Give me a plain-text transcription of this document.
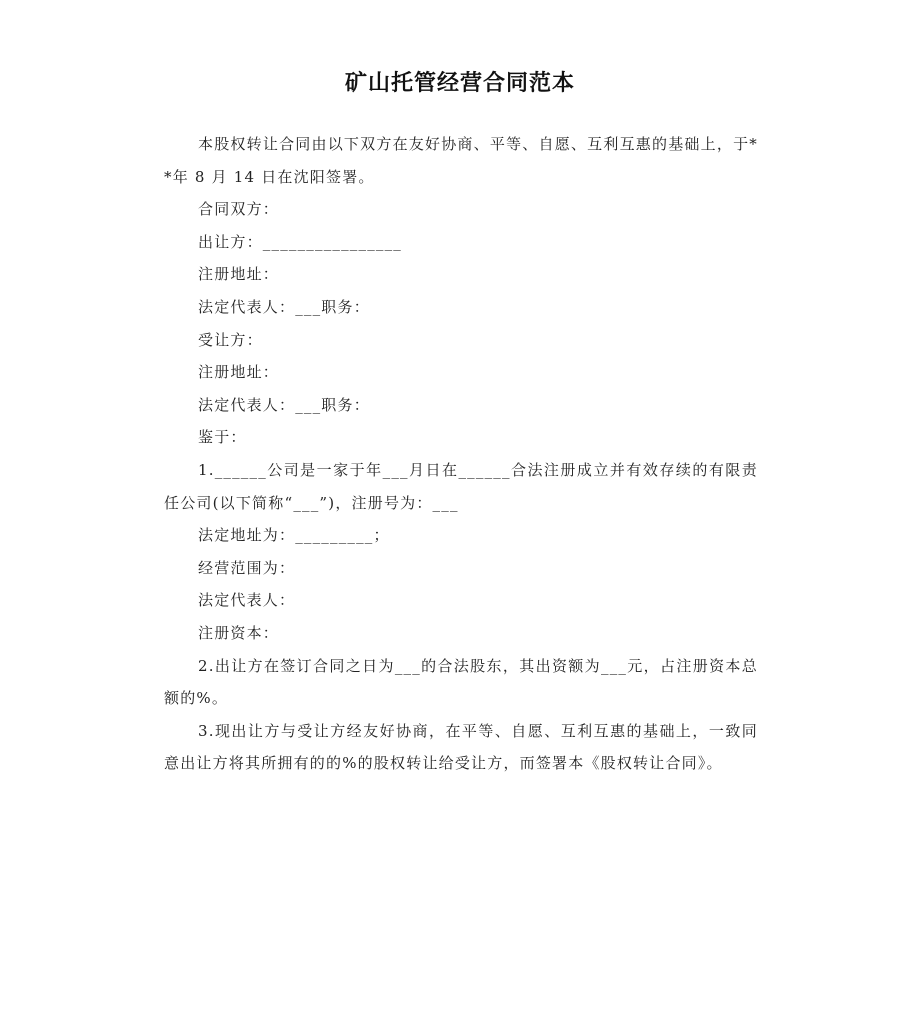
矿山托管经营合同范本

本股权转让合同由以下双方在友好协商、平等、自愿、互利互惠的基础上，于**年 8 月 14 日在沈阳签署。

合同双方：

出让方：________________

注册地址：

法定代表人：___职务：

受让方：

注册地址：

法定代表人：___职务：

鉴于：

1.______公司是一家于年___月日在______合法注册成立并有效存续的有限责任公司(以下简称“___”)，注册号为：___

法定地址为：_________；

经营范围为：

法定代表人：

注册资本：

2.出让方在签订合同之日为___的合法股东，其出资额为___元，占注册资本总额的%。

3.现出让方与受让方经友好协商，在平等、自愿、互利互惠的基础上，一致同意出让方将其所拥有的的%的股权转让给受让方，而签署本《股权转让合同》。
